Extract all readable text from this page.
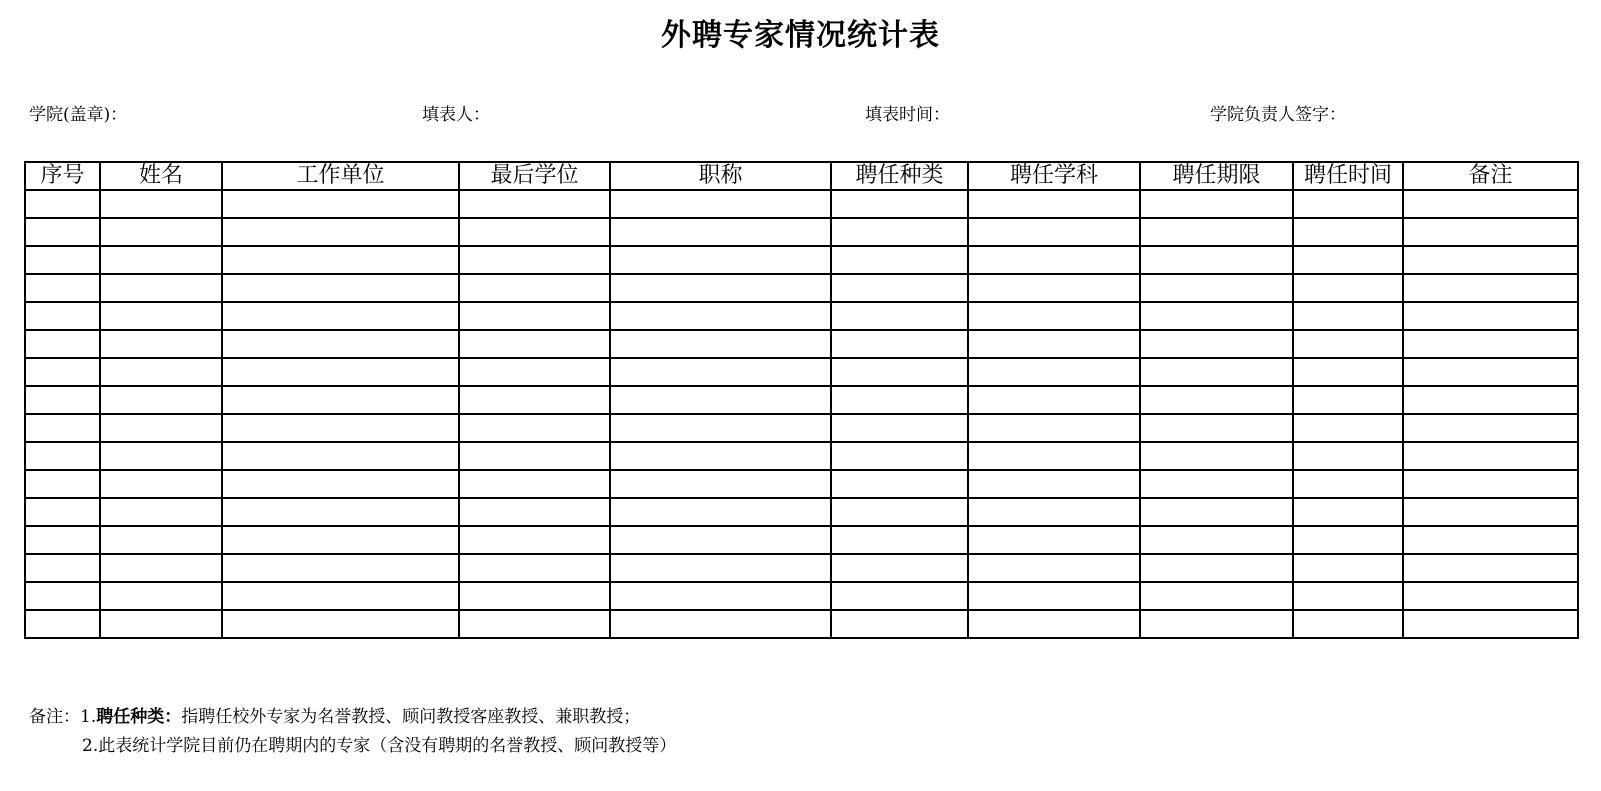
外聘专家情况统计表
学院(盖章)：	填表人：	填表时间：	学院负责人签字：
序号	姓名	工作单位	最后学位	职称	聘任种类	聘任学科	聘任期限	聘任时间	备注

备注：1.聘任种类：指聘任校外专家为名誉教授、顾问教授客座教授、兼职教授；
2.此表统计学院目前仍在聘期内的专家（含没有聘期的名誉教授、顾问教授等）
